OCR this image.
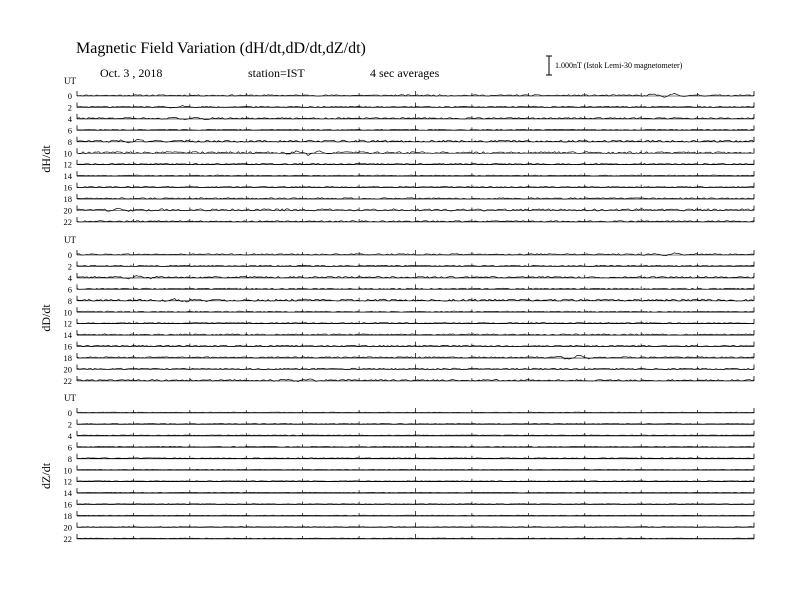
Magnetic Field Variation (dH/dt,dD/dt,dZ/dt)
Oct. 3 , 2018	station=IST	4 sec averages
1.000nT (Istok Lemi-30 magnetometer)
UT
dH/dt
0
2
4
6
8
10
12
14
16
18
20
22
UT
dD/dt
0
2
4
6
8
10
12
14
16
18
20
22
UT
dZ/dt
0
2
4
6
8
10
12
14
16
18
20
22
